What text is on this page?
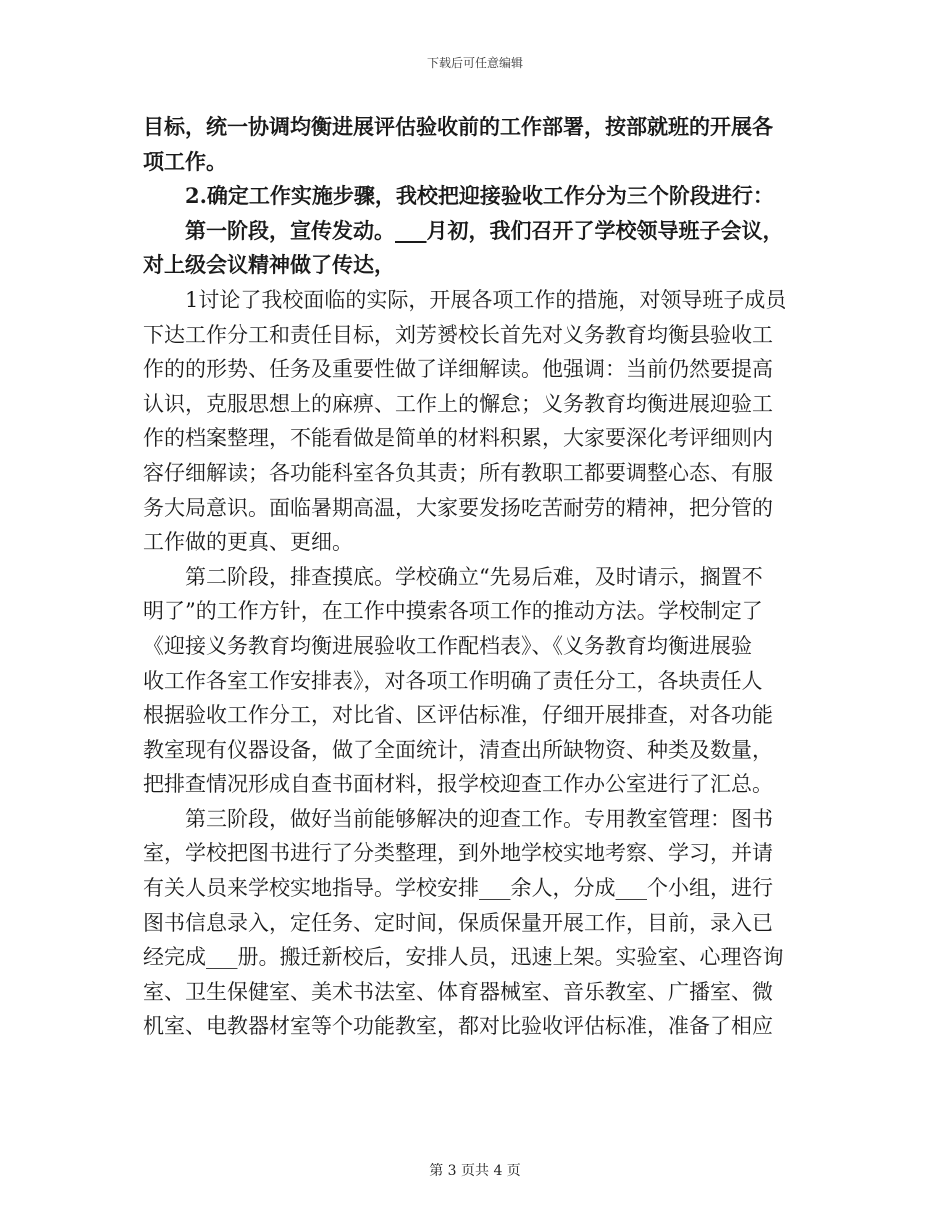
下载后可任意编辑
目标，统一协调均衡进展评估验收前的工作部署，按部就班的开展各
项工作。
2.确定工作实施步骤，我校把迎接验收工作分为三个阶段进行：
第一阶段，宣传发动。___月初，我们召开了学校领导班子会议，
对上级会议精神做了传达，
1讨论了我校面临的实际，开展各项工作的措施，对领导班子成员
下达工作分工和责任目标，刘芳赟校长首先对义务教育均衡县验收工
作的的形势、任务及重要性做了详细解读。他强调：当前仍然要提高
认识，克服思想上的麻痹、工作上的懈怠；义务教育均衡进展迎验工
作的档案整理，不能看做是简单的材料积累，大家要深化考评细则内
容仔细解读；各功能科室各负其责；所有教职工都要调整心态、有服
务大局意识。面临暑期高温，大家要发扬吃苦耐劳的精神，把分管的
工作做的更真、更细。
第二阶段，排查摸底。学校确立“先易后难，及时请示，搁置不
明了”的工作方针，在工作中摸索各项工作的推动方法。学校制定了
《迎接义务教育均衡进展验收工作配档表》、《义务教育均衡进展验
收工作各室工作安排表》，对各项工作明确了责任分工，各块责任人
根据验收工作分工，对比省、区评估标准，仔细开展排查，对各功能
教室现有仪器设备，做了全面统计，清查出所缺物资、种类及数量，
把排查情况形成自查书面材料，报学校迎查工作办公室进行了汇总。
第三阶段，做好当前能够解决的迎查工作。专用教室管理：图书
室，学校把图书进行了分类整理，到外地学校实地考察、学习，并请
有关人员来学校实地指导。学校安排___余人，分成___个小组，进行
图书信息录入，定任务、定时间，保质保量开展工作，目前，录入已
经完成___册。搬迁新校后，安排人员，迅速上架。实验室、心理咨询
室、卫生保健室、美术书法室、体育器械室、音乐教室、广播室、微
机室、电教器材室等个功能教室，都对比验收评估标准，准备了相应
第 3 页共 4 页
